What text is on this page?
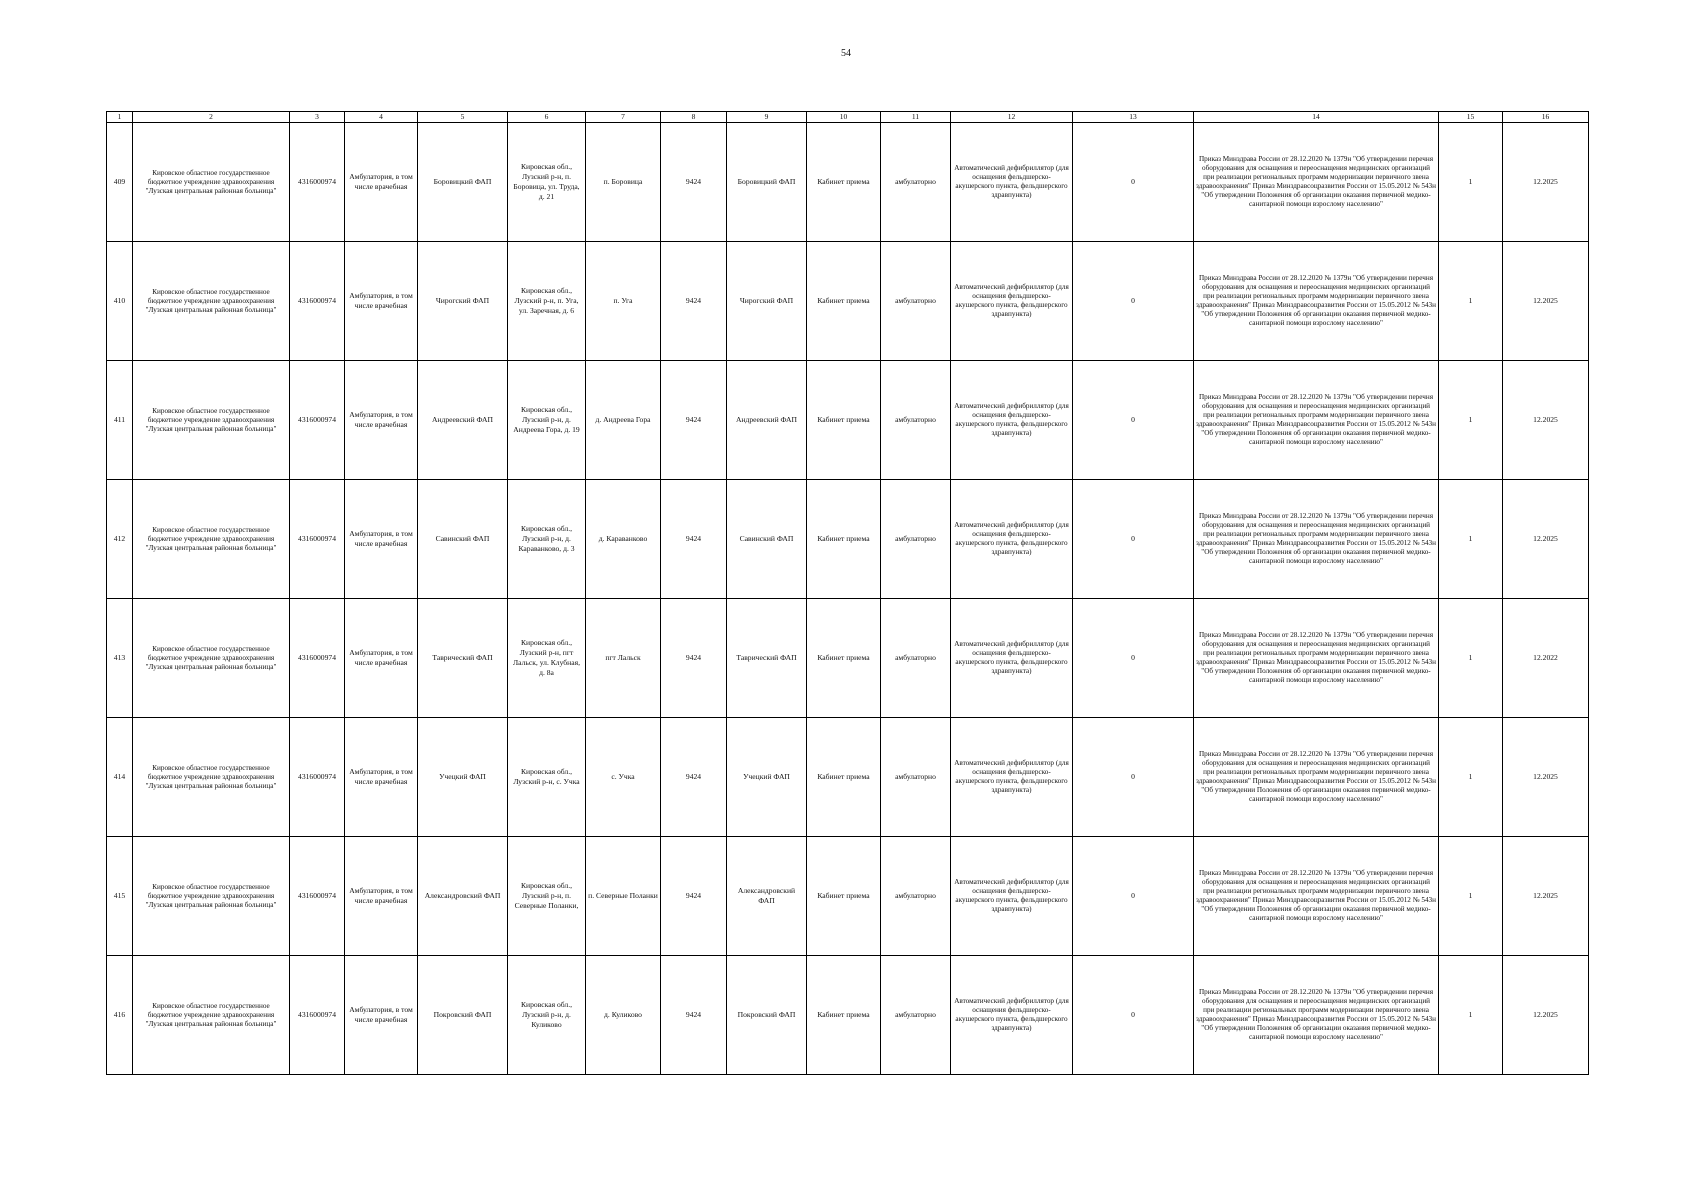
54
1	2	3	4	5	6	7	8	9	10	11	12	13	14	15	16
409	Кировское областное государственное бюджетное учреждение здравоохранения "Лузская центральная районная больница"	4316000974	Амбулатория, в том числе врачебная	Боровицкий ФАП	Кировская обл., Лузский р-н, п. Боровица, ул. Труда, д. 21	п. Боровица	9424	Боровицкий ФАП	Кабинет приема	амбулаторно	Автоматический дефибриллятор (для оснащения фельдшерско-акушерского пункта, фельдшерского здравпункта)	0	Приказ Минздрава России от 28.12.2020 № 1379н "Об утверждении перечня оборудования для оснащения и переоснащения медицинских организаций при реализации региональных программ модернизации первичного звена здравоохранения" Приказ Минздравсоцразвития России от 15.05.2012 № 543н "Об утверждении Положения об организации оказания первичной медико-санитарной помощи взрослому населению"	1	12.2025
410	Кировское областное государственное бюджетное учреждение здравоохранения "Лузская центральная районная больница"	4316000974	Амбулатория, в том числе врачебная	Чирогский ФАП	Кировская обл., Лузский р-н, п. Уга, ул. Заречная, д. 6	п. Уга	9424	Чирогский ФАП	Кабинет приема	амбулаторно	Автоматический дефибриллятор (для оснащения фельдшерско-акушерского пункта, фельдшерского здравпункта)	0	Приказ Минздрава России от 28.12.2020 № 1379н "Об утверждении перечня оборудования для оснащения и переоснащения медицинских организаций при реализации региональных программ модернизации первичного звена здравоохранения" Приказ Минздравсоцразвития России от 15.05.2012 № 543н "Об утверждении Положения об организации оказания первичной медико-санитарной помощи взрослому населению"	1	12.2025
411	Кировское областное государственное бюджетное учреждение здравоохранения "Лузская центральная районная больница"	4316000974	Амбулатория, в том числе врачебная	Андреевский ФАП	Кировская обл., Лузский р-н, д. Андреева Гора, д. 19	д. Андреева Гора	9424	Андреевский ФАП	Кабинет приема	амбулаторно	Автоматический дефибриллятор (для оснащения фельдшерско-акушерского пункта, фельдшерского здравпункта)	0	Приказ Минздрава России от 28.12.2020 № 1379н "Об утверждении перечня оборудования для оснащения и переоснащения медицинских организаций при реализации региональных программ модернизации первичного звена здравоохранения" Приказ Минздравсоцразвития России от 15.05.2012 № 543н "Об утверждении Положения об организации оказания первичной медико-санитарной помощи взрослому населению"	1	12.2025
412	Кировское областное государственное бюджетное учреждение здравоохранения "Лузская центральная районная больница"	4316000974	Амбулатория, в том числе врачебная	Савинский ФАП	Кировская обл., Лузский р-н, д. Караванково, д. 3	д. Караванково	9424	Савинский ФАП	Кабинет приема	амбулаторно	Автоматический дефибриллятор (для оснащения фельдшерско-акушерского пункта, фельдшерского здравпункта)	0	Приказ Минздрава России от 28.12.2020 № 1379н "Об утверждении перечня оборудования для оснащения и переоснащения медицинских организаций при реализации региональных программ модернизации первичного звена здравоохранения" Приказ Минздравсоцразвития России от 15.05.2012 № 543н "Об утверждении Положения об организации оказания первичной медико-санитарной помощи взрослому населению"	1	12.2025
413	Кировское областное государственное бюджетное учреждение здравоохранения "Лузская центральная районная больница"	4316000974	Амбулатория, в том числе врачебная	Таврический ФАП	Кировская обл., Лузский р-н, пгт Лальск, ул. Клубная, д. 8а	пгт Лальск	9424	Таврический ФАП	Кабинет приема	амбулаторно	Автоматический дефибриллятор (для оснащения фельдшерско-акушерского пункта, фельдшерского здравпункта)	0	Приказ Минздрава России от 28.12.2020 № 1379н "Об утверждении перечня оборудования для оснащения и переоснащения медицинских организаций при реализации региональных программ модернизации первичного звена здравоохранения" Приказ Минздравсоцразвития России от 15.05.2012 № 543н "Об утверждении Положения об организации оказания первичной медико-санитарной помощи взрослому населению"	1	12.2022
414	Кировское областное государственное бюджетное учреждение здравоохранения "Лузская центральная районная больница"	4316000974	Амбулатория, в том числе врачебная	Учецкий ФАП	Кировская обл., Лузский р-н, с. Учка	с. Учка	9424	Учецкий ФАП	Кабинет приема	амбулаторно	Автоматический дефибриллятор (для оснащения фельдшерско-акушерского пункта, фельдшерского здравпункта)	0	Приказ Минздрава России от 28.12.2020 № 1379н "Об утверждении перечня оборудования для оснащения и переоснащения медицинских организаций при реализации региональных программ модернизации первичного звена здравоохранения" Приказ Минздравсоцразвития России от 15.05.2012 № 543н "Об утверждении Положения об организации оказания первичной медико-санитарной помощи взрослому населению"	1	12.2025
415	Кировское областное государственное бюджетное учреждение здравоохранения "Лузская центральная районная больница"	4316000974	Амбулатория, в том числе врачебная	Александровский ФАП	Кировская обл., Лузский р-н, п. Северные Поланки,	п. Северные Поланки	9424	Александровский ФАП	Кабинет приема	амбулаторно	Автоматический дефибриллятор (для оснащения фельдшерско-акушерского пункта, фельдшерского здравпункта)	0	Приказ Минздрава России от 28.12.2020 № 1379н "Об утверждении перечня оборудования для оснащения и переоснащения медицинских организаций при реализации региональных программ модернизации первичного звена здравоохранения" Приказ Минздравсоцразвития России от 15.05.2012 № 543н "Об утверждении Положения об организации оказания первичной медико-санитарной помощи взрослому населению"	1	12.2025
416	Кировское областное государственное бюджетное учреждение здравоохранения "Лузская центральная районная больница"	4316000974	Амбулатория, в том числе врачебная	Покровский ФАП	Кировская обл., Лузский р-н, д. Куликово	д. Куликово	9424	Покровский ФАП	Кабинет приема	амбулаторно	Автоматический дефибриллятор (для оснащения фельдшерско-акушерского пункта, фельдшерского здравпункта)	0	Приказ Минздрава России от 28.12.2020 № 1379н "Об утверждении перечня оборудования для оснащения и переоснащения медицинских организаций при реализации региональных программ модернизации первичного звена здравоохранения" Приказ Минздравсоцразвития России от 15.05.2012 № 543н "Об утверждении Положения об организации оказания первичной медико-санитарной помощи взрослому населению"	1	12.2025
